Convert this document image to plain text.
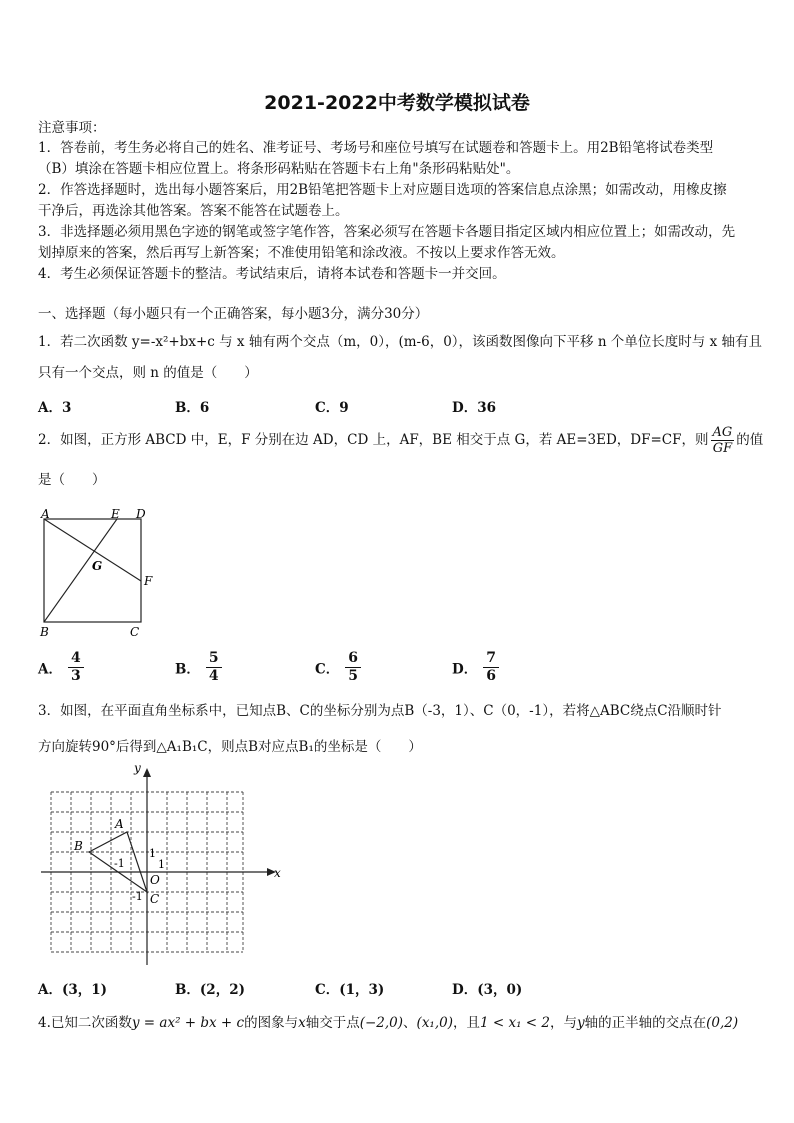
2021-2022中考数学模拟试卷
注意事项：
1．答卷前，考生务必将自己的姓名、准考证号、考场号和座位号填写在试题卷和答题卡上。用2B铅笔将试卷类型
（B）填涂在答题卡相应位置上。将条形码粘贴在答题卡右上角"条形码粘贴处"。
2．作答选择题时，选出每小题答案后，用2B铅笔把答题卡上对应题目选项的答案信息点涂黑；如需改动，用橡皮擦
干净后，再选涂其他答案。答案不能答在试题卷上。
3．非选择题必须用黑色字迹的钢笔或签字笔作答，答案必须写在答题卡各题目指定区域内相应位置上；如需改动，先
划掉原来的答案，然后再写上新答案；不准使用铅笔和涂改液。不按以上要求作答无效。
4．考生必须保证答题卡的整洁。考试结束后，请将本试卷和答题卡一并交回。
一、选择题（每小题只有一个正确答案，每小题3分，满分30分）
1．若二次函数 y=-x²+bx+c 与 x 轴有两个交点（m，0），(m-6，0），该函数图像向下平移 n 个单位长度时与 x 轴有且
只有一个交点，则 n 的值是（　　）
A．3	B．6	C．9	D．36
2．如图，正方形 ABCD 中，E，F 分别在边 AD，CD 上，AF，BE 相交于点 G，若 AE=3ED，DF=CF，则 $\frac{AG}{GF}$ 的值
是（　　）
A	E D
G
F
B	C
A． $\frac{4}{3}$	B． $\frac{5}{4}$	C． $\frac{6}{5}$	D． $\frac{7}{6}$
3．如图，在平面直角坐标系中，已知点B、C的坐标分别为点B（-3，1）、C（0，-1），若将△ABC绕点C沿顺时针
方向旋转90°后得到△A₁B₁C，则点B对应点B₁的坐标是（　　）
y
x
A
B
C
O
1
1
-1
-1
A．(3，1)	B．(2，2)	C．(1，3)	D．(3，0)
4.已知二次函数y = ax² + bx + c的图象与x轴交于点(−2,0)、(x₁,0)，且1 < x₁ < 2，与y轴的正半轴的交点在(0,2)
